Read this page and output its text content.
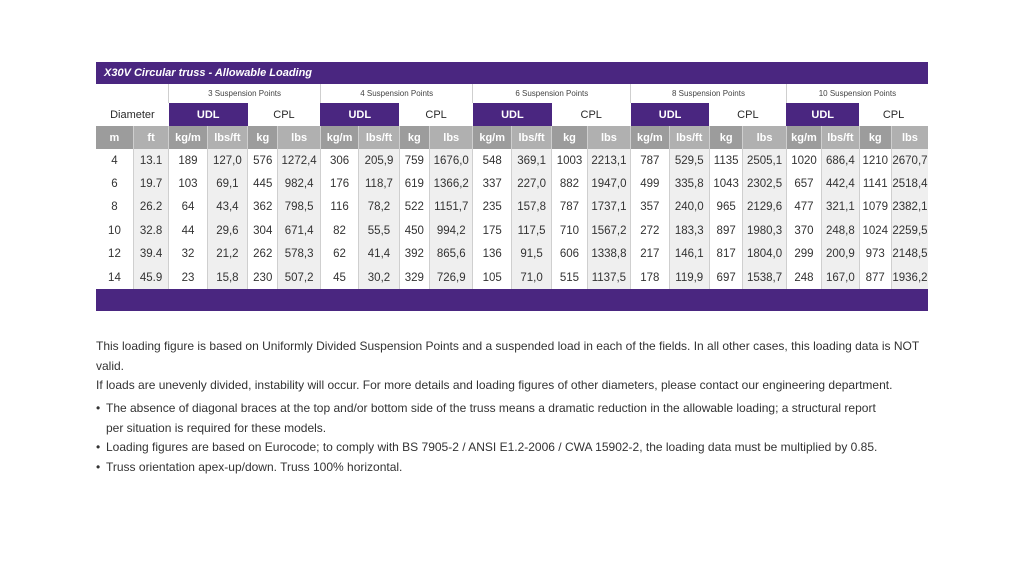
X30V Circular truss - Allowable Loading
		3 Suspension Points				4 Suspension Points				6 Suspension Points				8 Suspension Points				10 Suspension Points			
Diameter		UDL		CPL		UDL		CPL		UDL		CPL		UDL		CPL		UDL		CPL	
m	ft	kg/m	lbs/ft	kg	lbs	kg/m	lbs/ft	kg	lbs	kg/m	lbs/ft	kg	lbs	kg/m	lbs/ft	kg	lbs	kg/m	lbs/ft	kg	lbs
4	13.1	189	127,0	576	1272,4	306	205,9	759	1676,0	548	369,1	1003	2213,1	787	529,5	1135	2505,1	1020	686,4	1210	2670,7
6	19.7	103	69,1	445	982,4	176	118,7	619	1366,2	337	227,0	882	1947,0	499	335,8	1043	2302,5	657	442,4	1141	2518,4
8	26.2	64	43,4	362	798,5	116	78,2	522	1151,7	235	157,8	787	1737,1	357	240,0	965	2129,6	477	321,1	1079	2382,1
10	32.8	44	29,6	304	671,4	82	55,5	450	994,2	175	117,5	710	1567,2	272	183,3	897	1980,3	370	248,8	1024	2259,5
12	39.4	32	21,2	262	578,3	62	41,4	392	865,6	136	91,5	606	1338,8	217	146,1	817	1804,0	299	200,9	973	2148,5
14	45.9	23	15,8	230	507,2	45	30,2	329	726,9	105	71,0	515	1137,5	178	119,9	697	1538,7	248	167,0	877	1936,2

This loading figure is based on Uniformly Divided Suspension Points and a suspended load in each of the fields. In all other cases, this loading data is NOT valid.

If loads are unevenly divided, instability will occur. For more details and loading figures of other diameters, please contact our engineering department.

• The absence of diagonal braces at the top and/or bottom side of the truss means a dramatic reduction in the allowable loading; a structural report
per situation is required for these models.
• Loading figures are based on Eurocode; to comply with BS 7905-2 / ANSI E1.2-2006 / CWA 15902-2, the loading data must be multiplied by 0.85.
• Truss orientation apex-up/down. Truss 100% horizontal.
